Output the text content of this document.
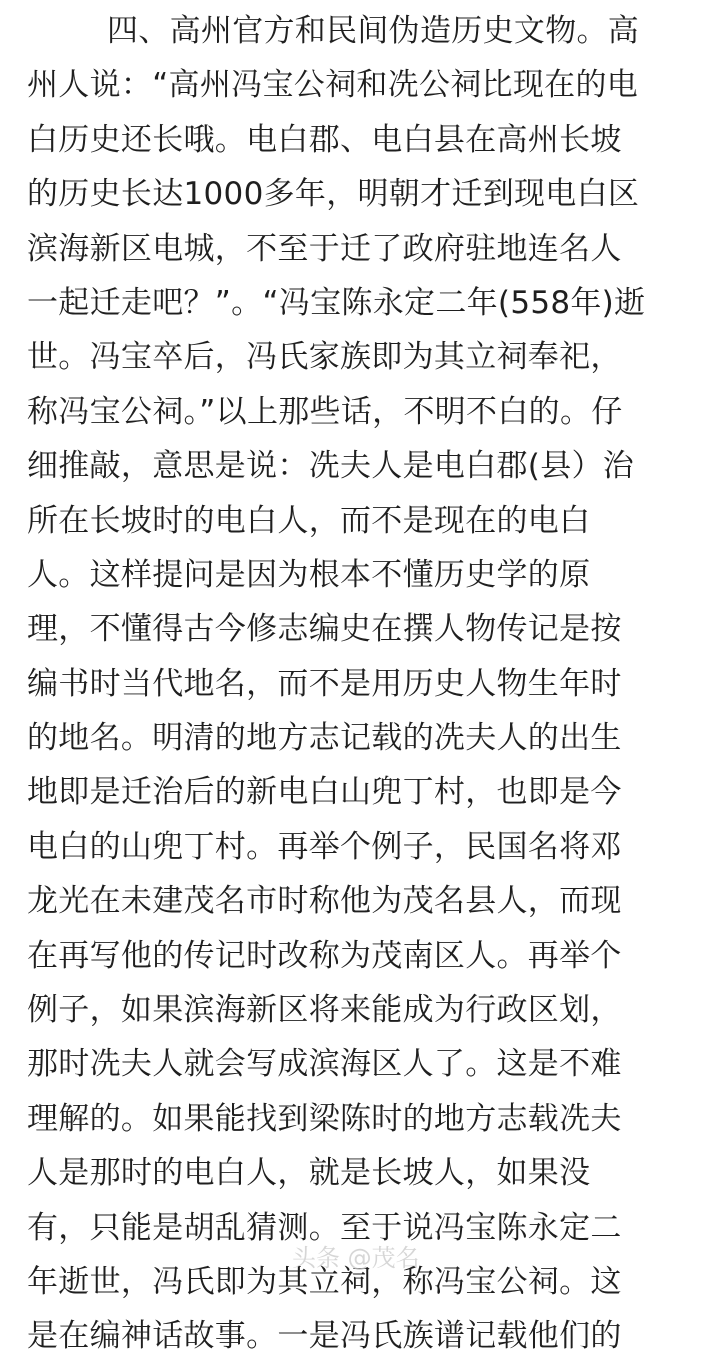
四、高州官方和民间伪造历史文物。高
州人说：“高州冯宝公祠和冼公祠比现在的电
白历史还长哦。电白郡、电白县在高州长坡
的历史长达1000多年，明朝才迁到现电白区
滨海新区电城，不至于迁了政府驻地连名人
一起迁走吧？”。“冯宝陈永定二年(558年)逝
世。冯宝卒后，冯氏家族即为其立祠奉祀，
称冯宝公祠。”以上那些话，不明不白的。仔
细推敲，意思是说：冼夫人是电白郡(县）治
所在长坡时的电白人，而不是现在的电白
人。这样提问是因为根本不懂历史学的原
理，不懂得古今修志编史在撰人物传记是按
编书时当代地名，而不是用历史人物生年时
的地名。明清的地方志记载的冼夫人的出生
地即是迁治后的新电白山兜丁村，也即是今
电白的山兜丁村。再举个例子，民国名将邓
龙光在未建茂名市时称他为茂名县人，而现
在再写他的传记时改称为茂南区人。再举个
例子，如果滨海新区将来能成为行政区划，
那时冼夫人就会写成滨海区人了。这是不难
理解的。如果能找到梁陈时的地方志载冼夫
人是那时的电白人，就是长坡人，如果没
有，只能是胡乱猜测。至于说冯宝陈永定二
年逝世，冯氏即为其立祠，称冯宝公祠。这
是在编神话故事。一是冯氏族谱记载他们的
头条 @茂名
